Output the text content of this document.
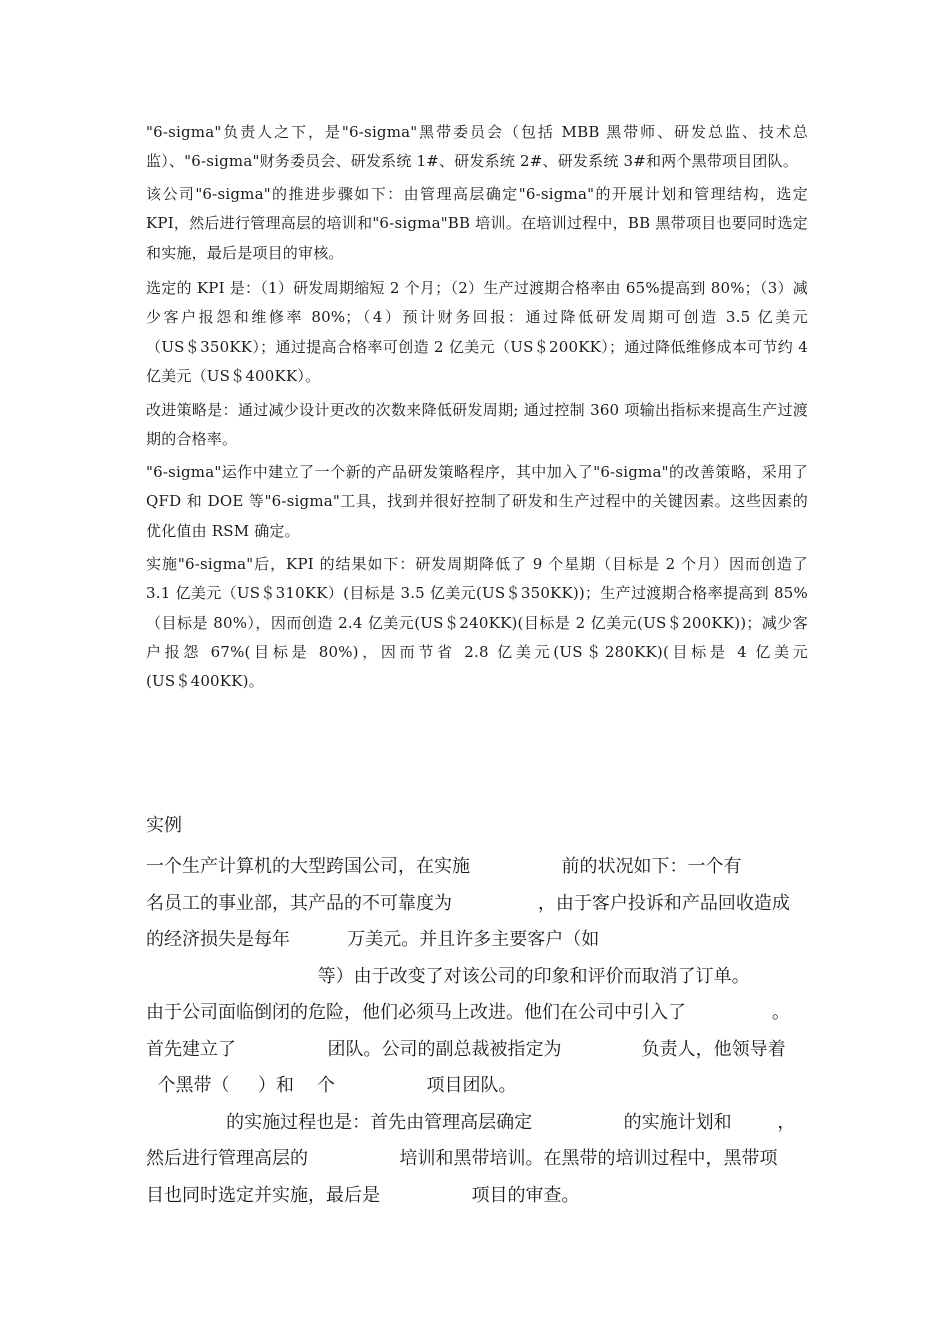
"6-sigma"负责人之下，是"6-sigma"黑带委员会（包括 MBB 黑带师、研发总监、技术总监）、"6-sigma"财务委员会、研发系统 1#、研发系统 2#、研发系统 3#和两个黑带项目团队。

该公司"6-sigma"的推进步骤如下：由管理高层确定"6-sigma"的开展计划和管理结构，选定 KPI，然后进行管理高层的培训和"6-sigma"BB 培训。在培训过程中，BB 黑带项目也要同时选定和实施，最后是项目的审核。

选定的 KPI 是：（1）研发周期缩短 2 个月；（2）生产过渡期合格率由 65%提高到 80%；（3）减少客户报怨和维修率 80%；（4）预计财务回报：通过降低研发周期可创造 3.5 亿美元（US＄350KK）；通过提高合格率可创造 2 亿美元（US＄200KK）；通过降低维修成本可节约 4 亿美元（US＄400KK）。

改进策略是：通过减少设计更改的次数来降低研发周期; 通过控制 360 项输出指标来提高生产过渡期的合格率。

"6-sigma"运作中建立了一个新的产品研发策略程序，其中加入了"6-sigma"的改善策略，采用了 QFD 和 DOE 等"6-sigma"工具，找到并很好控制了研发和生产过程中的关键因素。这些因素的优化值由 RSM 确定。

实施"6-sigma"后，KPI 的结果如下：研发周期降低了 9 个星期（目标是 2 个月）因而创造了 3.1 亿美元（US＄310KK）(目标是 3.5 亿美元(US＄350KK))；生产过渡期合格率提高到 85%（目标是 80%），因而创造 2.4 亿美元(US＄240KK)(目标是 2 亿美元(US＄200KK))；减少客户报怨 67%(目标是 80%)，因而节省 2.8 亿美元(US＄280KK)(目标是 4 亿美元(US＄400KK)。

实例
一个生产计算机的大型跨国公司，在实施                前的状况如下：一个有
名员工的事业部，其产品的不可靠度为               ，由于客户投诉和产品回收造成
的经济损失是每年          万美元。并且许多主要客户（如
等）由于改变了对该公司的印象和评价而取消了订单。
由于公司面临倒闭的危险，他们必须马上改进。他们在公司中引入了               。
首先建立了                团队。公司的副总裁被指定为              负责人，他领导着
个黑带（     ）和    个                项目团队。
的实施过程也是：首先由管理高层确定                的实施计划和        ，
然后进行管理高层的                培训和黑带培训。在黑带的培训过程中，黑带项
目也同时选定并实施，最后是                项目的审查。
